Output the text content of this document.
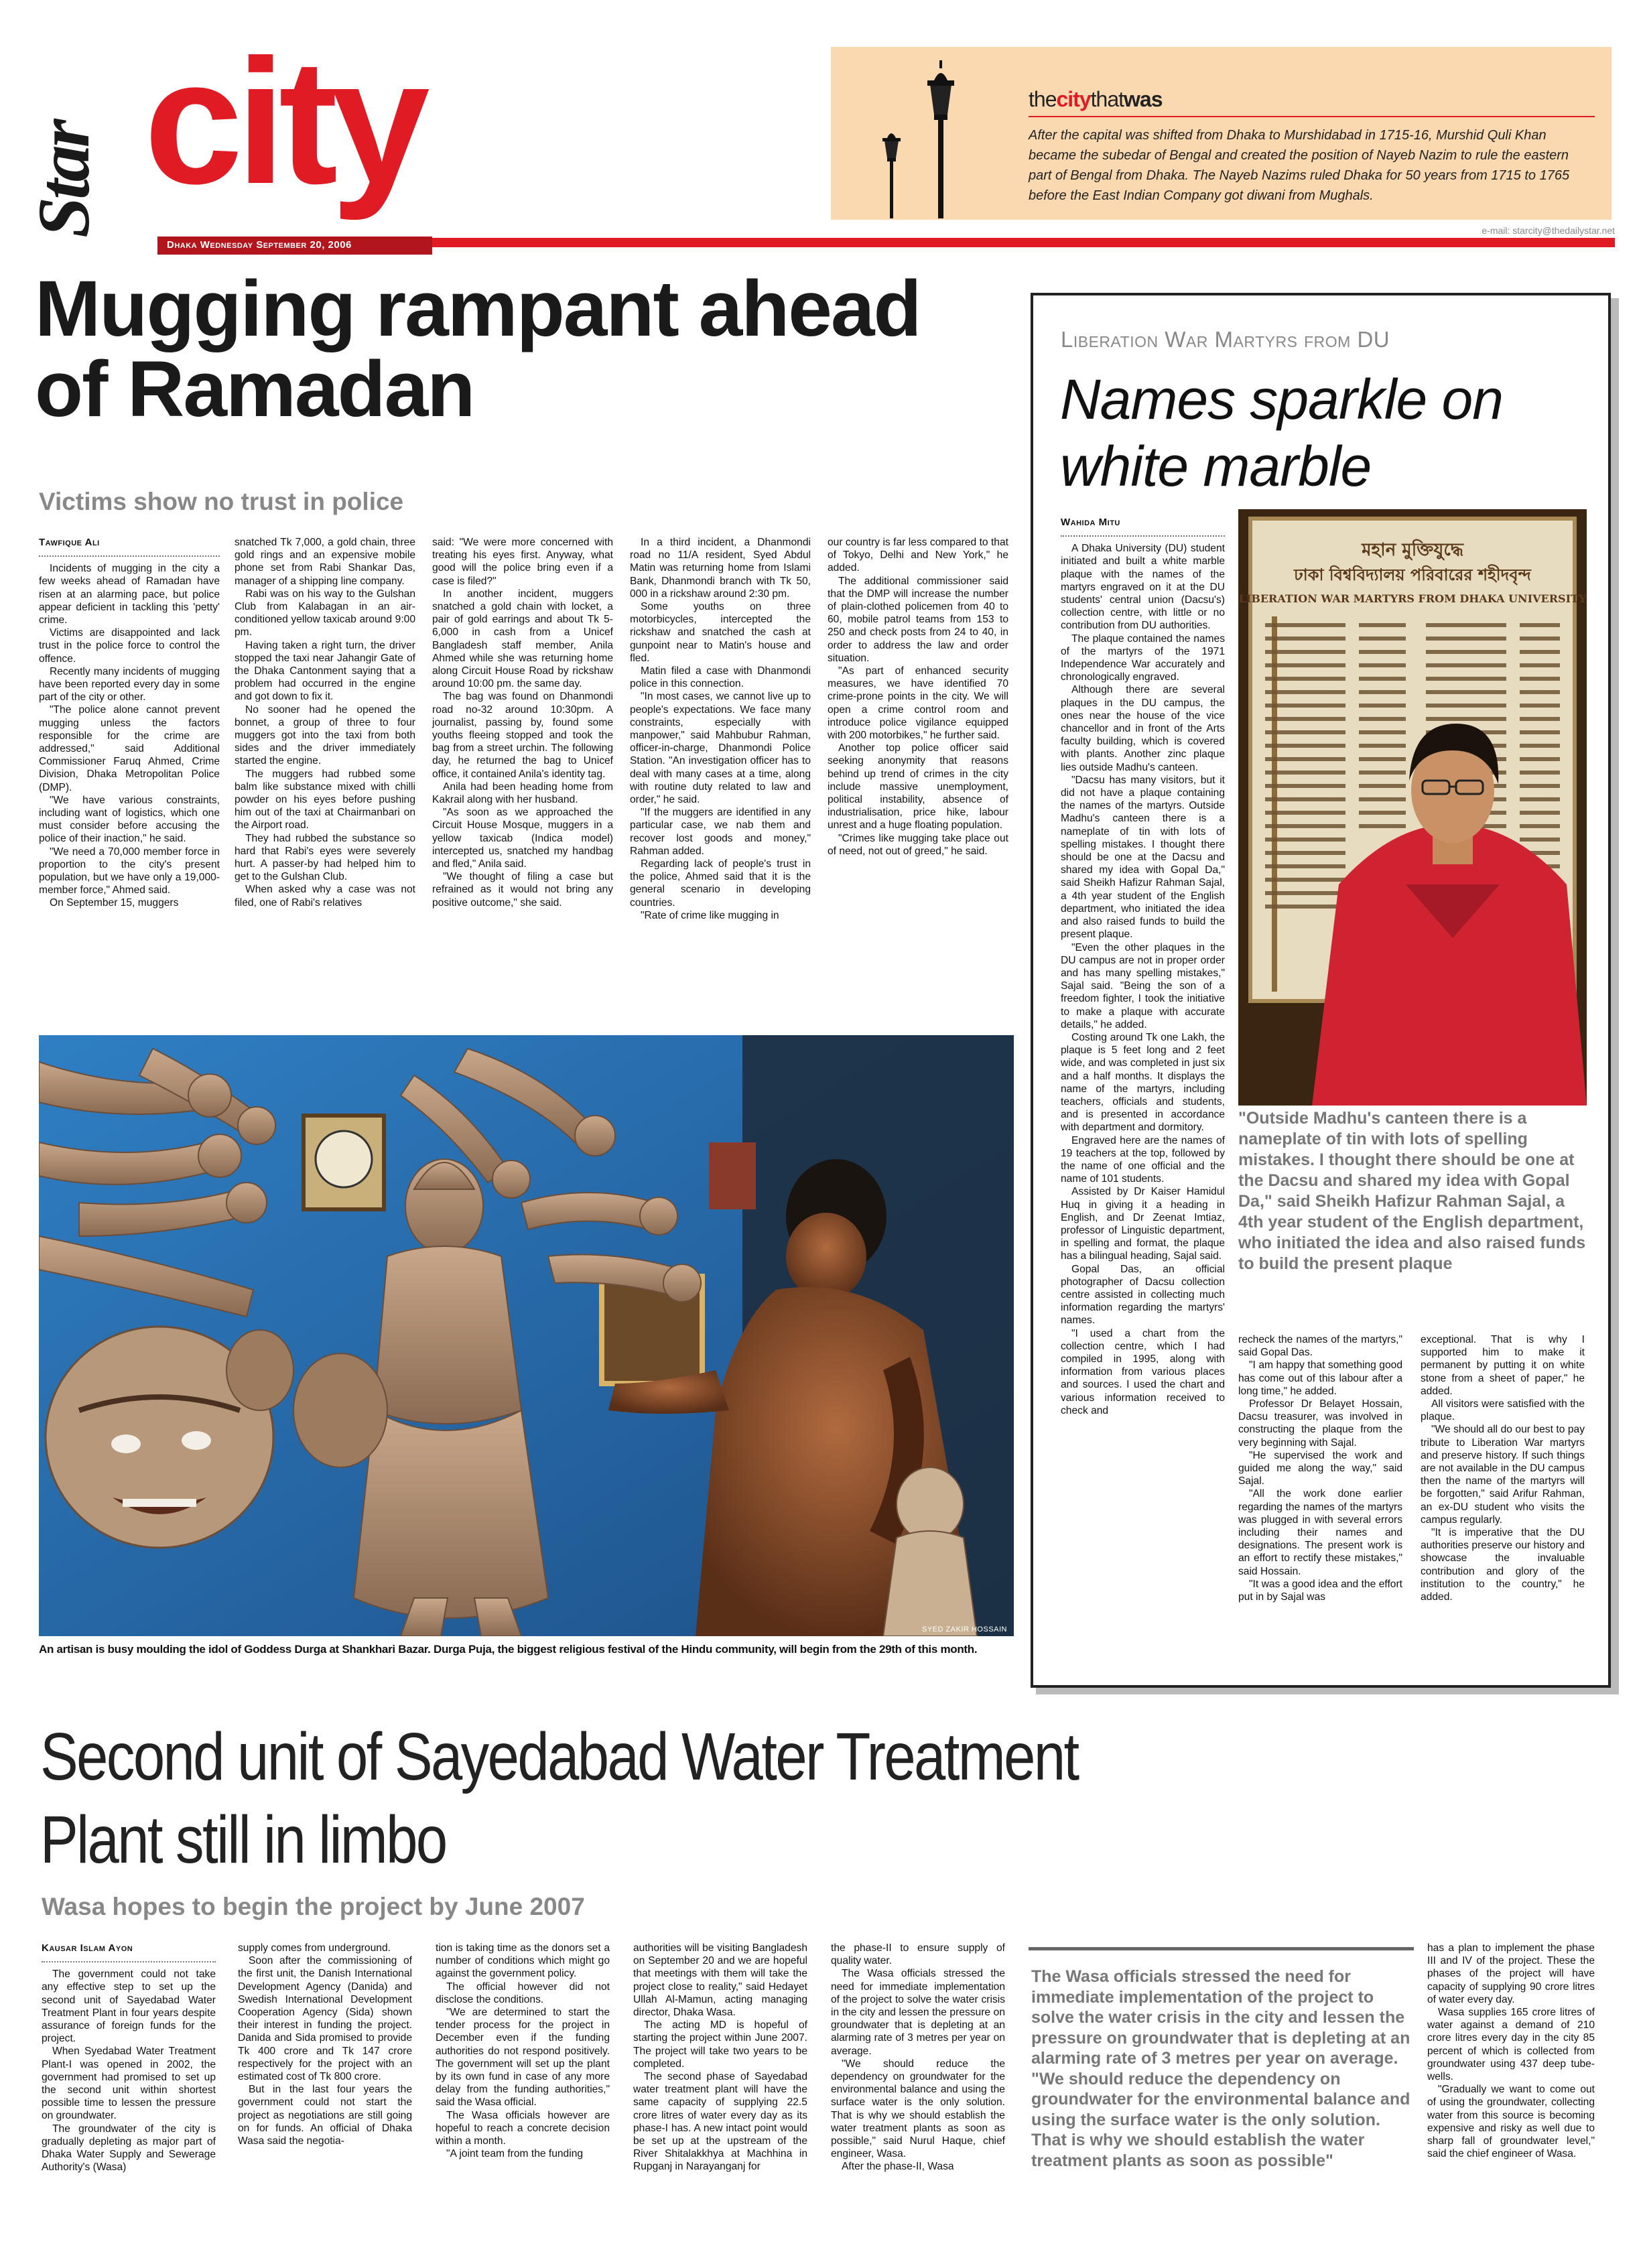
Star city
Dhaka Wednesday September 20, 2006
e-mail: starcity@thedailystar.net
thecitythatwas
After the capital was shifted from Dhaka to Murshidabad in 1715-16, Murshid Quli Khan became the subedar of Bengal and created the position of Nayeb Nazim to rule the eastern part of Bengal from Dhaka. The Nayeb Nazims ruled Dhaka for 50 years from 1715 to 1765 before the East Indian Company got diwani from Mughals.
Mugging rampant ahead
of Ramadan
Victims show no trust in police
Tawfique Ali

Incidents of mugging in the city a few weeks ahead of Ramadan have risen at an alarming pace, but police appear deficient in tackling this 'petty' crime.

Victims are disappointed and lack trust in the police force to control the offence.

Recently many incidents of mugging have been reported every day in some part of the city or other.

"The police alone cannot prevent mugging unless the factors responsible for the crime are addressed," said Additional Commissioner Faruq Ahmed, Crime Division, Dhaka Metropolitan Police (DMP).

"We have various constraints, including want of logistics, which one must consider before accusing the police of their inaction," he said.

"We need a 70,000 member force in proportion to the city's present population, but we have only a 19,000-member force," Ahmed said.

On September 15, muggers

snatched Tk 7,000, a gold chain, three gold rings and an expensive mobile phone set from Rabi Shankar Das, manager of a shipping line company.

Rabi was on his way to the Gulshan Club from Kalabagan in an air-conditioned yellow taxicab around 9:00 pm.

Having taken a right turn, the driver stopped the taxi near Jahangir Gate of the Dhaka Cantonment saying that a problem had occurred in the engine and got down to fix it.

No sooner had he opened the bonnet, a group of three to four muggers got into the taxi from both sides and the driver immediately started the engine.

The muggers had rubbed some balm like substance mixed with chilli powder on his eyes before pushing him out of the taxi at Chairmanbari on the Airport road.

They had rubbed the substance so hard that Rabi's eyes were severely hurt. A passer-by had helped him to get to the Gulshan Club.

When asked why a case was not filed, one of Rabi's relatives

said: "We were more concerned with treating his eyes first. Anyway, what good will the police bring even if a case is filed?"

In another incident, muggers snatched a gold chain with locket, a pair of gold earrings and about Tk 5-6,000 in cash from a Unicef Bangladesh staff member, Anila Ahmed while she was returning home along Circuit House Road by rickshaw around 10:00 pm. the same day.

The bag was found on Dhanmondi road no-32 around 10:30pm. A journalist, passing by, found some youths fleeing stopped and took the bag from a street urchin. The following day, he returned the bag to Unicef office, it contained Anila's identity tag.

Anila had been heading home from Kakrail along with her husband.

"As soon as we approached the Circuit House Mosque, muggers in a yellow taxicab (Indica model) intercepted us, snatched my handbag and fled," Anila said.

"We thought of filing a case but refrained as it would not bring any positive outcome," she said.

In a third incident, a Dhanmondi road no 11/A resident, Syed Abdul Matin was returning home from Islami Bank, Dhanmondi branch with Tk 50, 000 in a rickshaw around 2:30 pm.

Some youths on three motorbicycles, intercepted the rickshaw and snatched the cash at gunpoint near to Matin's house and fled.

Matin filed a case with Dhanmondi police in this connection.

"In most cases, we cannot live up to people's expectations. We face many constraints, especially with manpower," said Mahbubur Rahman, officer-in-charge, Dhanmondi Police Station. "An investigation officer has to deal with many cases at a time, along with routine duty related to law and order," he said.

"If the muggers are identified in any particular case, we nab them and recover lost goods and money," Rahman added.

Regarding lack of people's trust in the police, Ahmed said that it is the general scenario in developing countries.

"Rate of crime like mugging in

our country is far less compared to that of Tokyo, Delhi and New York," he added.

The additional commissioner said that the DMP will increase the number of plain-clothed policemen from 40 to 60, mobile patrol teams from 153 to 250 and check posts from 24 to 40, in order to address the law and order situation.

"As part of enhanced security measures, we have identified 70 crime-prone points in the city. We will open a crime control room and introduce police vigilance equipped with 200 motorbikes," he further said.

Another top police officer said seeking anonymity that reasons behind up trend of crimes in the city include massive unemployment, political instability, absence of industrialisation, price hike, labour unrest and a huge floating population.

"Crimes like mugging take place out of need, not out of greed," he said.

SYED ZAKIR HOSSAIN
An artisan is busy moulding the idol of Goddess Durga at Shankhari Bazar. Durga Puja, the biggest religious festival of the Hindu community, will begin from the 29th of this month.
Liberation War Martyrs from DU
Names sparkle on
white marble
মহান মুক্তিযুদ্ধে
ঢাকা বিশ্ববিদ্যালয় পরিবারের শহীদবৃন্দ
LIBERATION WAR MARTYRS FROM DHAKA UNIVERSITY
"Outside Madhu's canteen there is a nameplate of tin with lots of spelling mistakes. I thought there should be one at the Dacsu and shared my idea with Gopal Da," said Sheikh Hafizur Rahman Sajal, a 4th year student of the English department, who initiated the idea and also raised funds to build the present plaque
Wahida Mitu

A Dhaka University (DU) student initiated and built a white marble plaque with the names of the martyrs engraved on it at the DU students' central union (Dacsu's) collection centre, with little or no contribution from DU authorities.

The plaque contained the names of the martyrs of the 1971 Independence War accurately and chronologically engraved.

Although there are several plaques in the DU campus, the ones near the house of the vice chancellor and in front of the Arts faculty building, which is covered with plants. Another zinc plaque lies outside Madhu's canteen.

"Dacsu has many visitors, but it did not have a plaque containing the names of the martyrs. Outside Madhu's canteen there is a nameplate of tin with lots of spelling mistakes. I thought there should be one at the Dacsu and shared my idea with Gopal Da," said Sheikh Hafizur Rahman Sajal, a 4th year student of the English department, who initiated the idea and also raised funds to build the present plaque.

"Even the other plaques in the DU campus are not in proper order and has many spelling mistakes," Sajal said. "Being the son of a freedom fighter, I took the initiative to make a plaque with accurate details," he added.

Costing around Tk one Lakh, the plaque is 5 feet long and 2 feet wide, and was completed in just six and a half months. It displays the name of the martyrs, including teachers, officials and students, and is presented in accordance with department and dormitory.

Engraved here are the names of 19 teachers at the top, followed by the name of one official and the name of 101 students.

Assisted by Dr Kaiser Hamidul Huq in giving it a heading in English, and Dr Zeenat Imtiaz, professor of Linguistic department, in spelling and format, the plaque has a bilingual heading, Sajal said.

Gopal Das, an official photographer of Dacsu collection centre assisted in collecting much information regarding the martyrs' names.

"I used a chart from the collection centre, which I had compiled in 1995, along with information from various places and sources. I used the chart and various information received to check and

recheck the names of the martyrs," said Gopal Das.

"I am happy that something good has come out of this labour after a long time," he added.

Professor Dr Belayet Hossain, Dacsu treasurer, was involved in constructing the plaque from the very beginning with Sajal.

"He supervised the work and guided me along the way," said Sajal.

"All the work done earlier regarding the names of the martyrs was plugged in with several errors including their names and designations. The present work is an effort to rectify these mistakes," said Hossain.

"It was a good idea and the effort put in by Sajal was

exceptional. That is why I supported him to make it permanent by putting it on white stone from a sheet of paper," he added.

All visitors were satisfied with the plaque.

"We should all do our best to pay tribute to Liberation War martyrs and preserve history. If such things are not available in the DU campus then the name of the martyrs will be forgotten," said Arifur Rahman, an ex-DU student who visits the campus regularly.

"It is imperative that the DU authorities preserve our history and showcase the invaluable contribution and glory of the institution to the country," he added.

Second unit of Sayedabad Water Treatment
Plant still in limbo
Wasa hopes to begin the project by June 2007
Kausar Islam Ayon

The government could not take any effective step to set up the second unit of Sayedabad Water Treatment Plant in four years despite assurance of foreign funds for the project.

When Syedabad Water Treatment Plant-I was opened in 2002, the government had promised to set up the second unit within shortest possible time to lessen the pressure on groundwater.

The groundwater of the city is gradually depleting as major part of Dhaka Water Supply and Sewerage Authority's (Wasa)

supply comes from underground.

Soon after the commissioning of the first unit, the Danish International Development Agency (Danida) and Swedish International Development Cooperation Agency (Sida) shown their interest in funding the project. Danida and Sida promised to provide Tk 400 crore and Tk 147 crore respectively for the project with an estimated cost of Tk 800 crore.

But in the last four years the government could not start the project as negotiations are still going on for funds. An official of Dhaka Wasa said the negotia-

tion is taking time as the donors set a number of conditions which might go against the government policy.

The official however did not disclose the conditions.

"We are determined to start the tender process for the project in December even if the funding authorities do not respond positively. The government will set up the plant by its own fund in case of any more delay from the funding authorities," said the Wasa official.

The Wasa officials however are hopeful to reach a concrete decision within a month.

"A joint team from the funding

authorities will be visiting Bangladesh on September 20 and we are hopeful that meetings with them will take the project close to reality," said Hedayet Ullah Al-Mamun, acting managing director, Dhaka Wasa.

The acting MD is hopeful of starting the project within June 2007. The project will take two years to be completed.

The second phase of Sayedabad water treatment plant will have the same capacity of supplying 22.5 crore litres of water every day as its phase-I has. A new intact point would be set up at the upstream of the River Shitalakkhya at Machhina in Rupganj in Narayanganj for

the phase-II to ensure supply of quality water.

The Wasa officials stressed the need for immediate implementation of the project to solve the water crisis in the city and lessen the pressure on groundwater that is depleting at an alarming rate of 3 metres per year on average.

"We should reduce the dependency on groundwater for the environmental balance and using the surface water is the only solution. That is why we should establish the water treatment plants as soon as possible," said Nurul Haque, chief engineer, Wasa.

After the phase-II, Wasa

The Wasa officials stressed the need for immediate implementation of the project to solve the water crisis in the city and lessen the pressure on groundwater that is depleting at an alarming rate of 3 metres per year on average. "We should reduce the dependency on groundwater for the environmental balance and using the surface water is the only solution. That is why we should establish the water treatment plants as soon as possible"

has a plan to implement the phase III and IV of the project. These the phases of the project will have capacity of supplying 90 crore litres of water every day.

Wasa supplies 165 crore litres of water against a demand of 210 crore litres every day in the city 85 percent of which is collected from groundwater using 437 deep tube-wells.

"Gradually we want to come out of using the groundwater, collecting water from this source is becoming expensive and risky as well due to sharp fall of groundwater level," said the chief engineer of Wasa.
